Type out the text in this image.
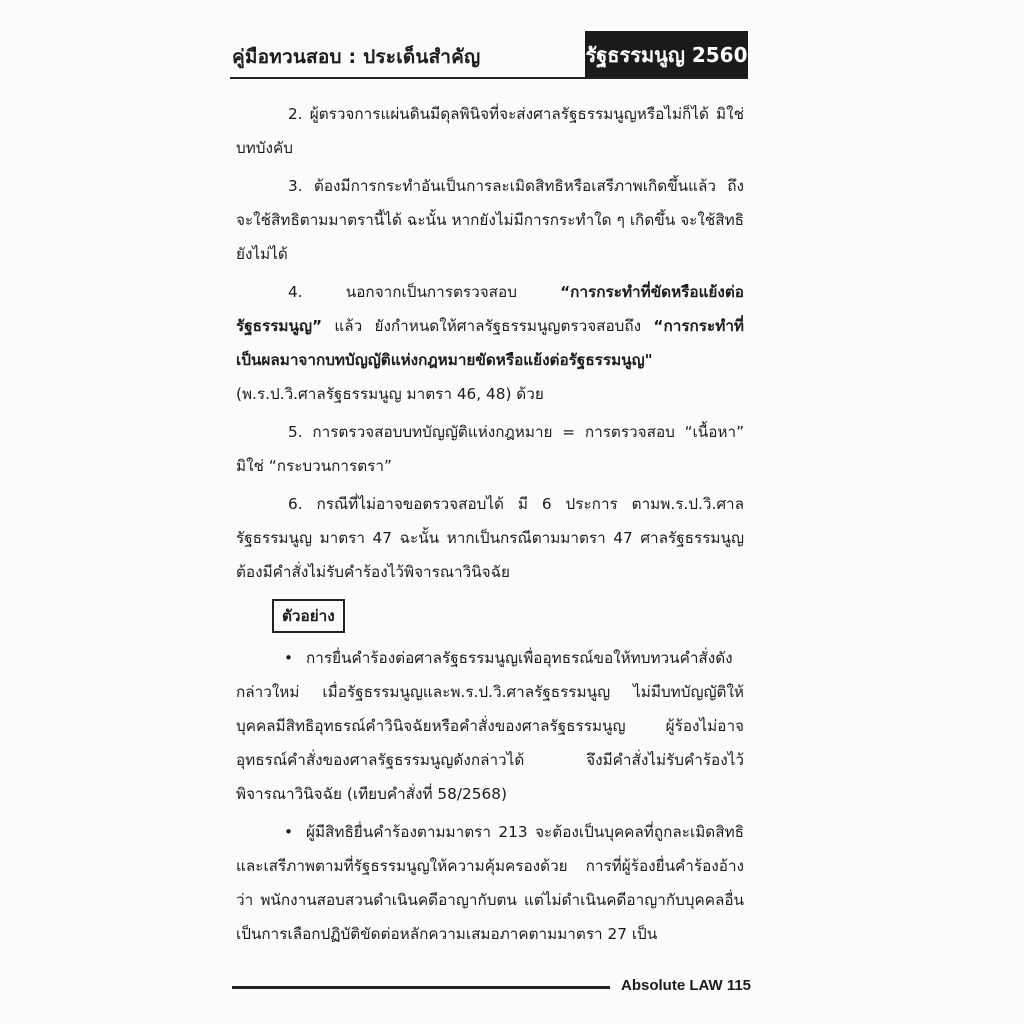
คู่มือทวนสอบ : ประเด็นสำคัญ	รัฐธรรมนูญ 2560

2. ผู้ตรวจการแผ่นดินมีดุลพินิจที่จะส่งศาลรัฐธรรมนูญหรือไม่ก็ได้ มิใช่บทบังคับ

3. ต้องมีการกระทำอันเป็นการละเมิดสิทธิหรือเสรีภาพเกิดขึ้นแล้ว ถึงจะใช้สิทธิตามมาตรานี้ได้ ฉะนั้น หากยังไม่มีการกระทำใด ๆ เกิดขึ้น จะใช้สิทธิยังไม่ได้

4. นอกจากเป็นการตรวจสอบ “การกระทำที่ขัดหรือแย้งต่อรัฐธรรมนูญ” แล้ว ยังกำหนดให้ศาลรัฐธรรมนูญตรวจสอบถึง “การกระทำที่เป็นผลมาจากบทบัญญัติแห่งกฎหมายขัดหรือแย้งต่อรัฐธรรมนูญ" (พ.ร.ป.วิ.ศาลรัฐธรรมนูญ มาตรา 46, 48) ด้วย

5. การตรวจสอบบทบัญญัติแห่งกฎหมาย = การตรวจสอบ “เนื้อหา” มิใช่ “กระบวนการตรา”

6. กรณีที่ไม่อาจขอตรวจสอบได้ มี 6 ประการ ตามพ.ร.ป.วิ.ศาลรัฐธรรมนูญ มาตรา 47 ฉะนั้น หากเป็นกรณีตามมาตรา 47 ศาลรัฐธรรมนูญต้องมีคำสั่งไม่รับคำร้องไว้พิจารณาวินิจฉัย

ตัวอย่าง

• การยื่นคำร้องต่อศาลรัฐธรรมนูญเพื่ออุทธรณ์ขอให้ทบทวนคำสั่งดังกล่าวใหม่ เมื่อรัฐธรรมนูญและพ.ร.ป.วิ.ศาลรัฐธรรมนูญ ไม่มีบทบัญญัติให้บุคคลมีสิทธิอุทธรณ์คำวินิจฉัยหรือคำสั่งของศาลรัฐธรรมนูญ ผู้ร้องไม่อาจอุทธรณ์คำสั่งของศาลรัฐธรรมนูญดังกล่าวได้ จึงมีคำสั่งไม่รับคำร้องไว้พิจารณาวินิจฉัย (เทียบคำสั่งที่ 58/2568)

• ผู้มีสิทธิยื่นคำร้องตามมาตรา 213 จะต้องเป็นบุคคลที่ถูกละเมิดสิทธิและเสรีภาพตามที่รัฐธรรมนูญให้ความคุ้มครองด้วย การที่ผู้ร้องยื่นคำร้องอ้างว่า พนักงานสอบสวนดำเนินคดีอาญากับตน แต่ไม่ดำเนินคดีอาญากับบุคคลอื่น เป็นการเลือกปฏิบัติขัดต่อหลักความเสมอภาคตามมาตรา 27 เป็น

Absolute LAW 115
